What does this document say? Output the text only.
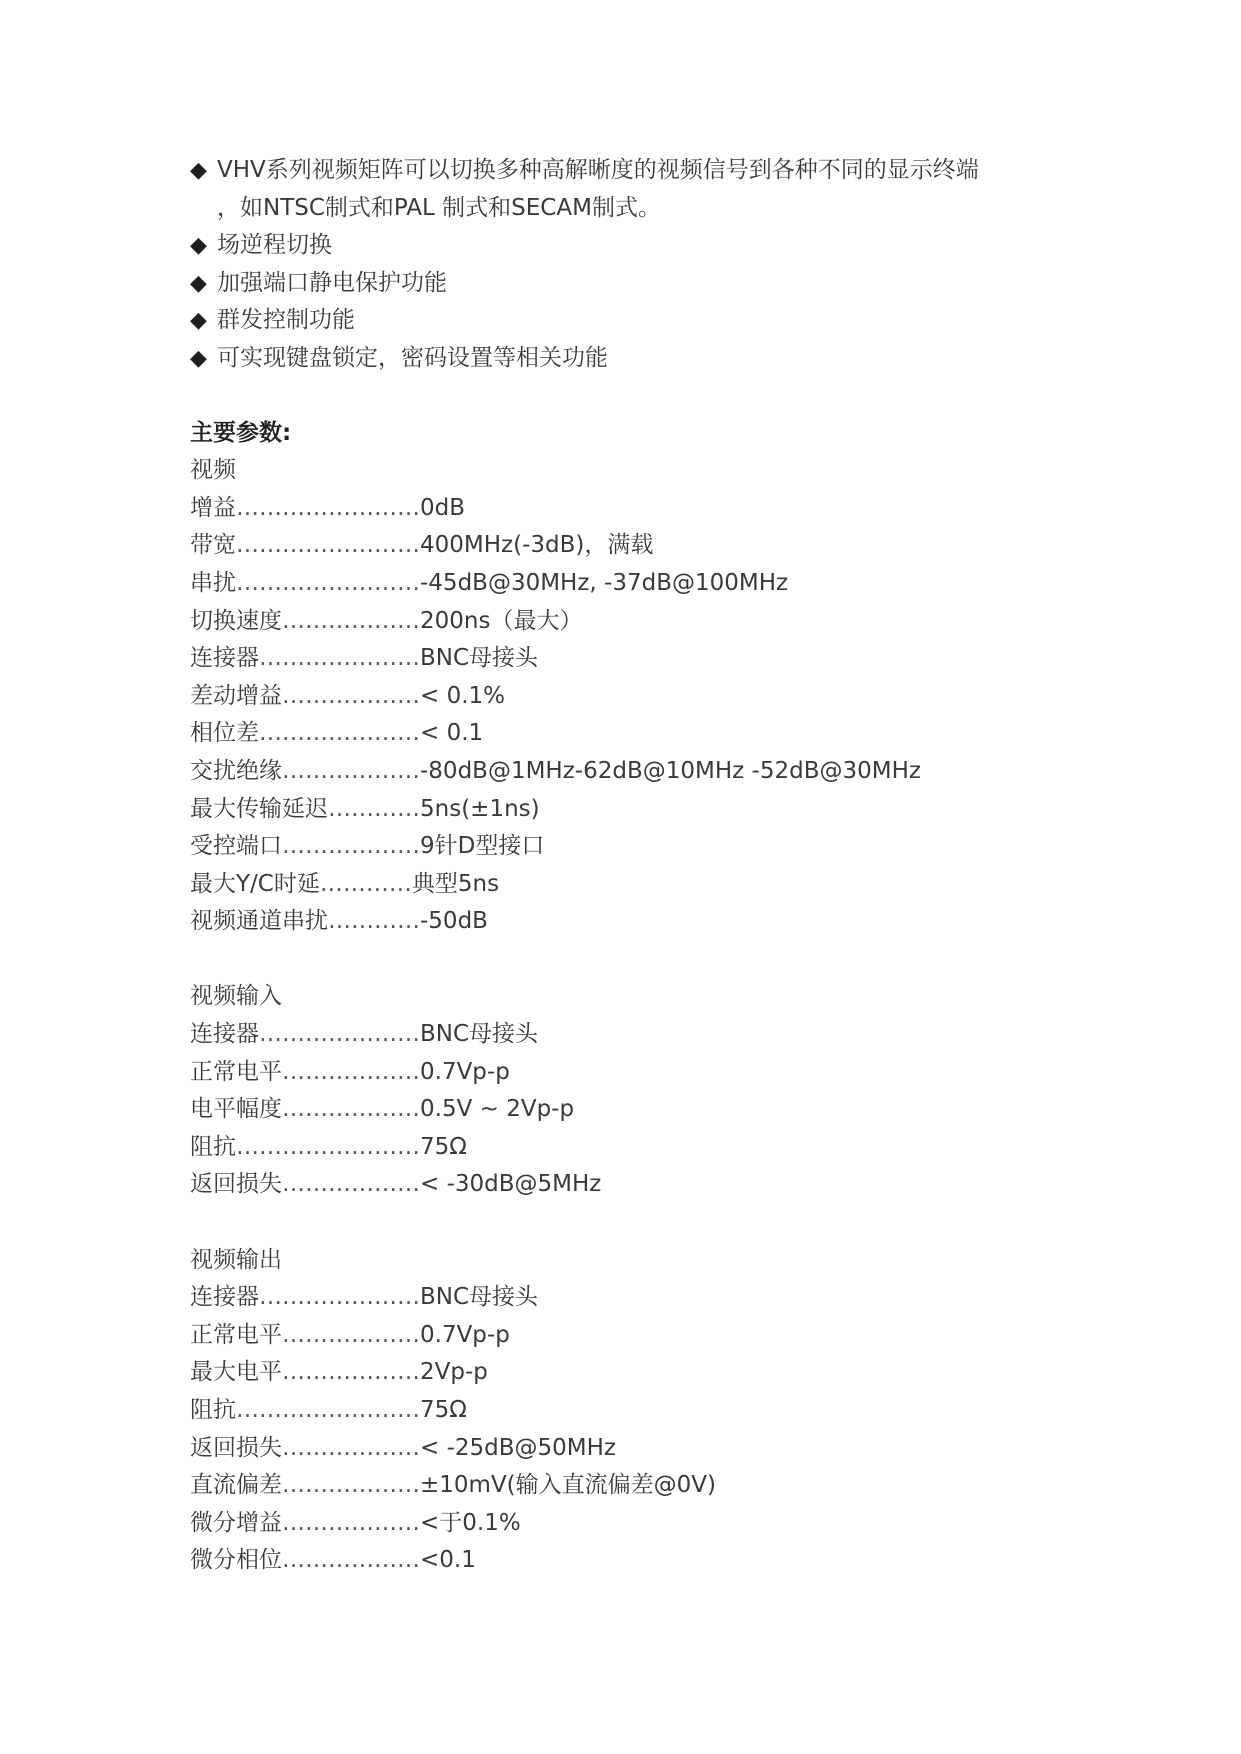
◆ VHV系列视频矩阵可以切换多种高解晰度的视频信号到各种不同的显示终端
，如NTSC制式和PAL 制式和SECAM制式。
◆ 场逆程切换
◆ 加强端口静电保护功能
◆ 群发控制功能
◆ 可实现键盘锁定，密码设置等相关功能
主要参数:
视频
增益……………………0dB
带宽……………………400MHz(-3dB)，满载
串扰……………………-45dB@30MHz, -37dB@100MHz
切换速度………………200ns（最大）
连接器…………………BNC母接头
差动增益………………< 0.1%
相位差…………………< 0.1
交扰绝缘………………-80dB@1MHz-62dB@10MHz -52dB@30MHz
最大传输延迟…………5ns(±1ns)
受控端口………………9针D型接口
最大Y/C时延…………典型5ns
视频通道串扰…………-50dB
视频输入
连接器…………………BNC母接头
正常电平………………0.7Vp-p
电平幅度………………0.5V ~ 2Vp-p
阻抗……………………75Ω
返回损失………………< -30dB@5MHz
视频输出
连接器…………………BNC母接头
正常电平………………0.7Vp-p
最大电平………………2Vp-p
阻抗……………………75Ω
返回损失………………< -25dB@50MHz
直流偏差………………±10mV(输入直流偏差@0V)
微分增益………………<于0.1%
微分相位………………<0.1
